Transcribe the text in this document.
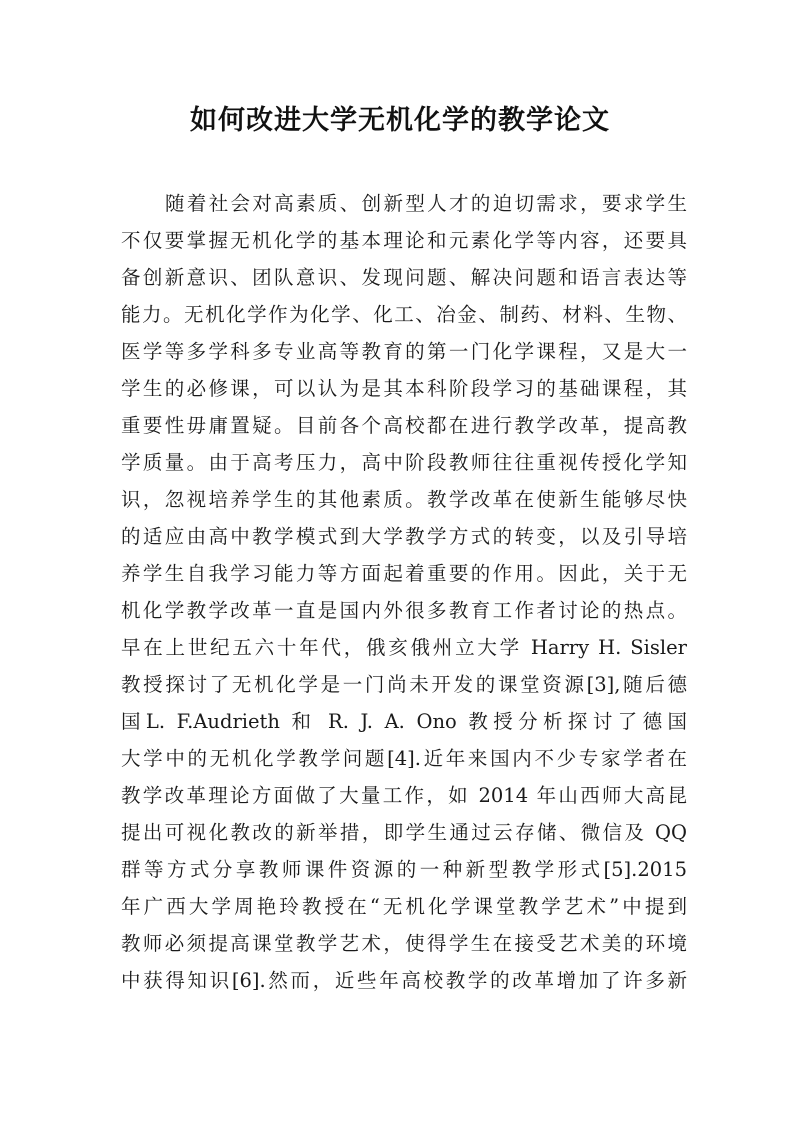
如何改进大学无机化学的教学论文
随着社会对高素质、创新型人才的迫切需求，要求学生
不仅要掌握无机化学的基本理论和元素化学等内容，还要具
备创新意识、团队意识、发现问题、解决问题和语言表达等
能力。无机化学作为化学、化工、冶金、制药、材料、生物、
医学等多学科多专业高等教育的第一门化学课程，又是大一
学生的必修课，可以认为是其本科阶段学习的基础课程，其
重要性毋庸置疑。目前各个高校都在进行教学改革，提高教
学质量。由于高考压力，高中阶段教师往往重视传授化学知
识，忽视培养学生的其他素质。教学改革在使新生能够尽快
的适应由高中教学模式到大学教学方式的转变，以及引导培
养学生自我学习能力等方面起着重要的作用。因此，关于无
机化学教学改革一直是国内外很多教育工作者讨论的热点。
早在上世纪五六十年代，俄亥俄州立大学 Harry H. Sisler
教授探讨了无机化学是一门尚未开发的课堂资源[3],随后德
国L. F.Audrieth 和 R. J. A. Ono 教授分析探讨了德国
大学中的无机化学教学问题[4].近年来国内不少专家学者在
教学改革理论方面做了大量工作，如 2014 年山西师大高昆
提出可视化教改的新举措，即学生通过云存储、微信及 QQ
群等方式分享教师课件资源的一种新型教学形式[5].2015
年广西大学周艳玲教授在“无机化学课堂教学艺术”中提到
教师必须提高课堂教学艺术，使得学生在接受艺术美的环境
中获得知识[6].然而，近些年高校教学的改革增加了许多新
